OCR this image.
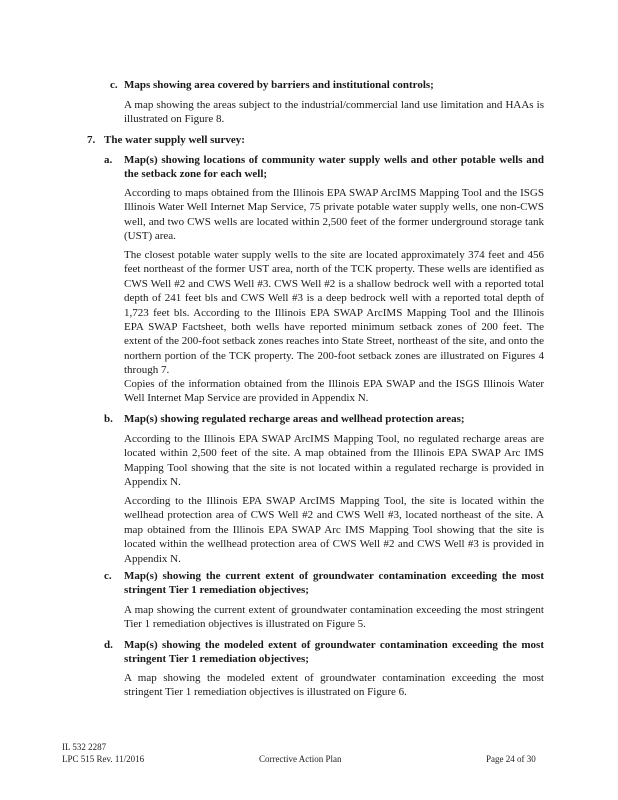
c. Maps showing area covered by barriers and institutional controls;
A map showing the areas subject to the industrial/commercial land use limitation and HAAs is illustrated on Figure 8.
7. The water supply well survey:
a. Map(s) showing locations of community water supply wells and other potable wells and the setback zone for each well;
According to maps obtained from the Illinois EPA SWAP ArcIMS Mapping Tool and the ISGS Illinois Water Well Internet Map Service, 75 private potable water supply wells, one non-CWS well, and two CWS wells are located within 2,500 feet of the former underground storage tank (UST) area.
The closest potable water supply wells to the site are located approximately 374 feet and 456 feet northeast of the former UST area, north of the TCK property. These wells are identified as CWS Well #2 and CWS Well #3. CWS Well #2 is a shallow bedrock well with a reported total depth of 241 feet bls and CWS Well #3 is a deep bedrock well with a reported total depth of 1,723 feet bls. According to the Illinois EPA SWAP ArcIMS Mapping Tool and the Illinois EPA SWAP Factsheet, both wells have reported minimum setback zones of 200 feet. The extent of the 200-foot setback zones reaches into State Street, northeast of the site, and onto the northern portion of the TCK property. The 200-foot setback zones are illustrated on Figures 4 through 7.
Copies of the information obtained from the Illinois EPA SWAP and the ISGS Illinois Water Well Internet Map Service are provided in Appendix N.
b. Map(s) showing regulated recharge areas and wellhead protection areas;
According to the Illinois EPA SWAP ArcIMS Mapping Tool, no regulated recharge areas are located within 2,500 feet of the site. A map obtained from the Illinois EPA SWAP Arc IMS Mapping Tool showing that the site is not located within a regulated recharge is provided in Appendix N.
According to the Illinois EPA SWAP ArcIMS Mapping Tool, the site is located within the wellhead protection area of CWS Well #2 and CWS Well #3, located northeast of the site. A map obtained from the Illinois EPA SWAP Arc IMS Mapping Tool showing that the site is located within the wellhead protection area of CWS Well #2 and CWS Well #3 is provided in Appendix N.
c. Map(s) showing the current extent of groundwater contamination exceeding the most stringent Tier 1 remediation objectives;
A map showing the current extent of groundwater contamination exceeding the most stringent Tier 1 remediation objectives is illustrated on Figure 5.
d. Map(s) showing the modeled extent of groundwater contamination exceeding the most stringent Tier 1 remediation objectives;
A map showing the modeled extent of groundwater contamination exceeding the most stringent Tier 1 remediation objectives is illustrated on Figure 6.
IL 532 2287
LPC 515 Rev. 11/2016	Corrective Action Plan	Page 24 of 30
